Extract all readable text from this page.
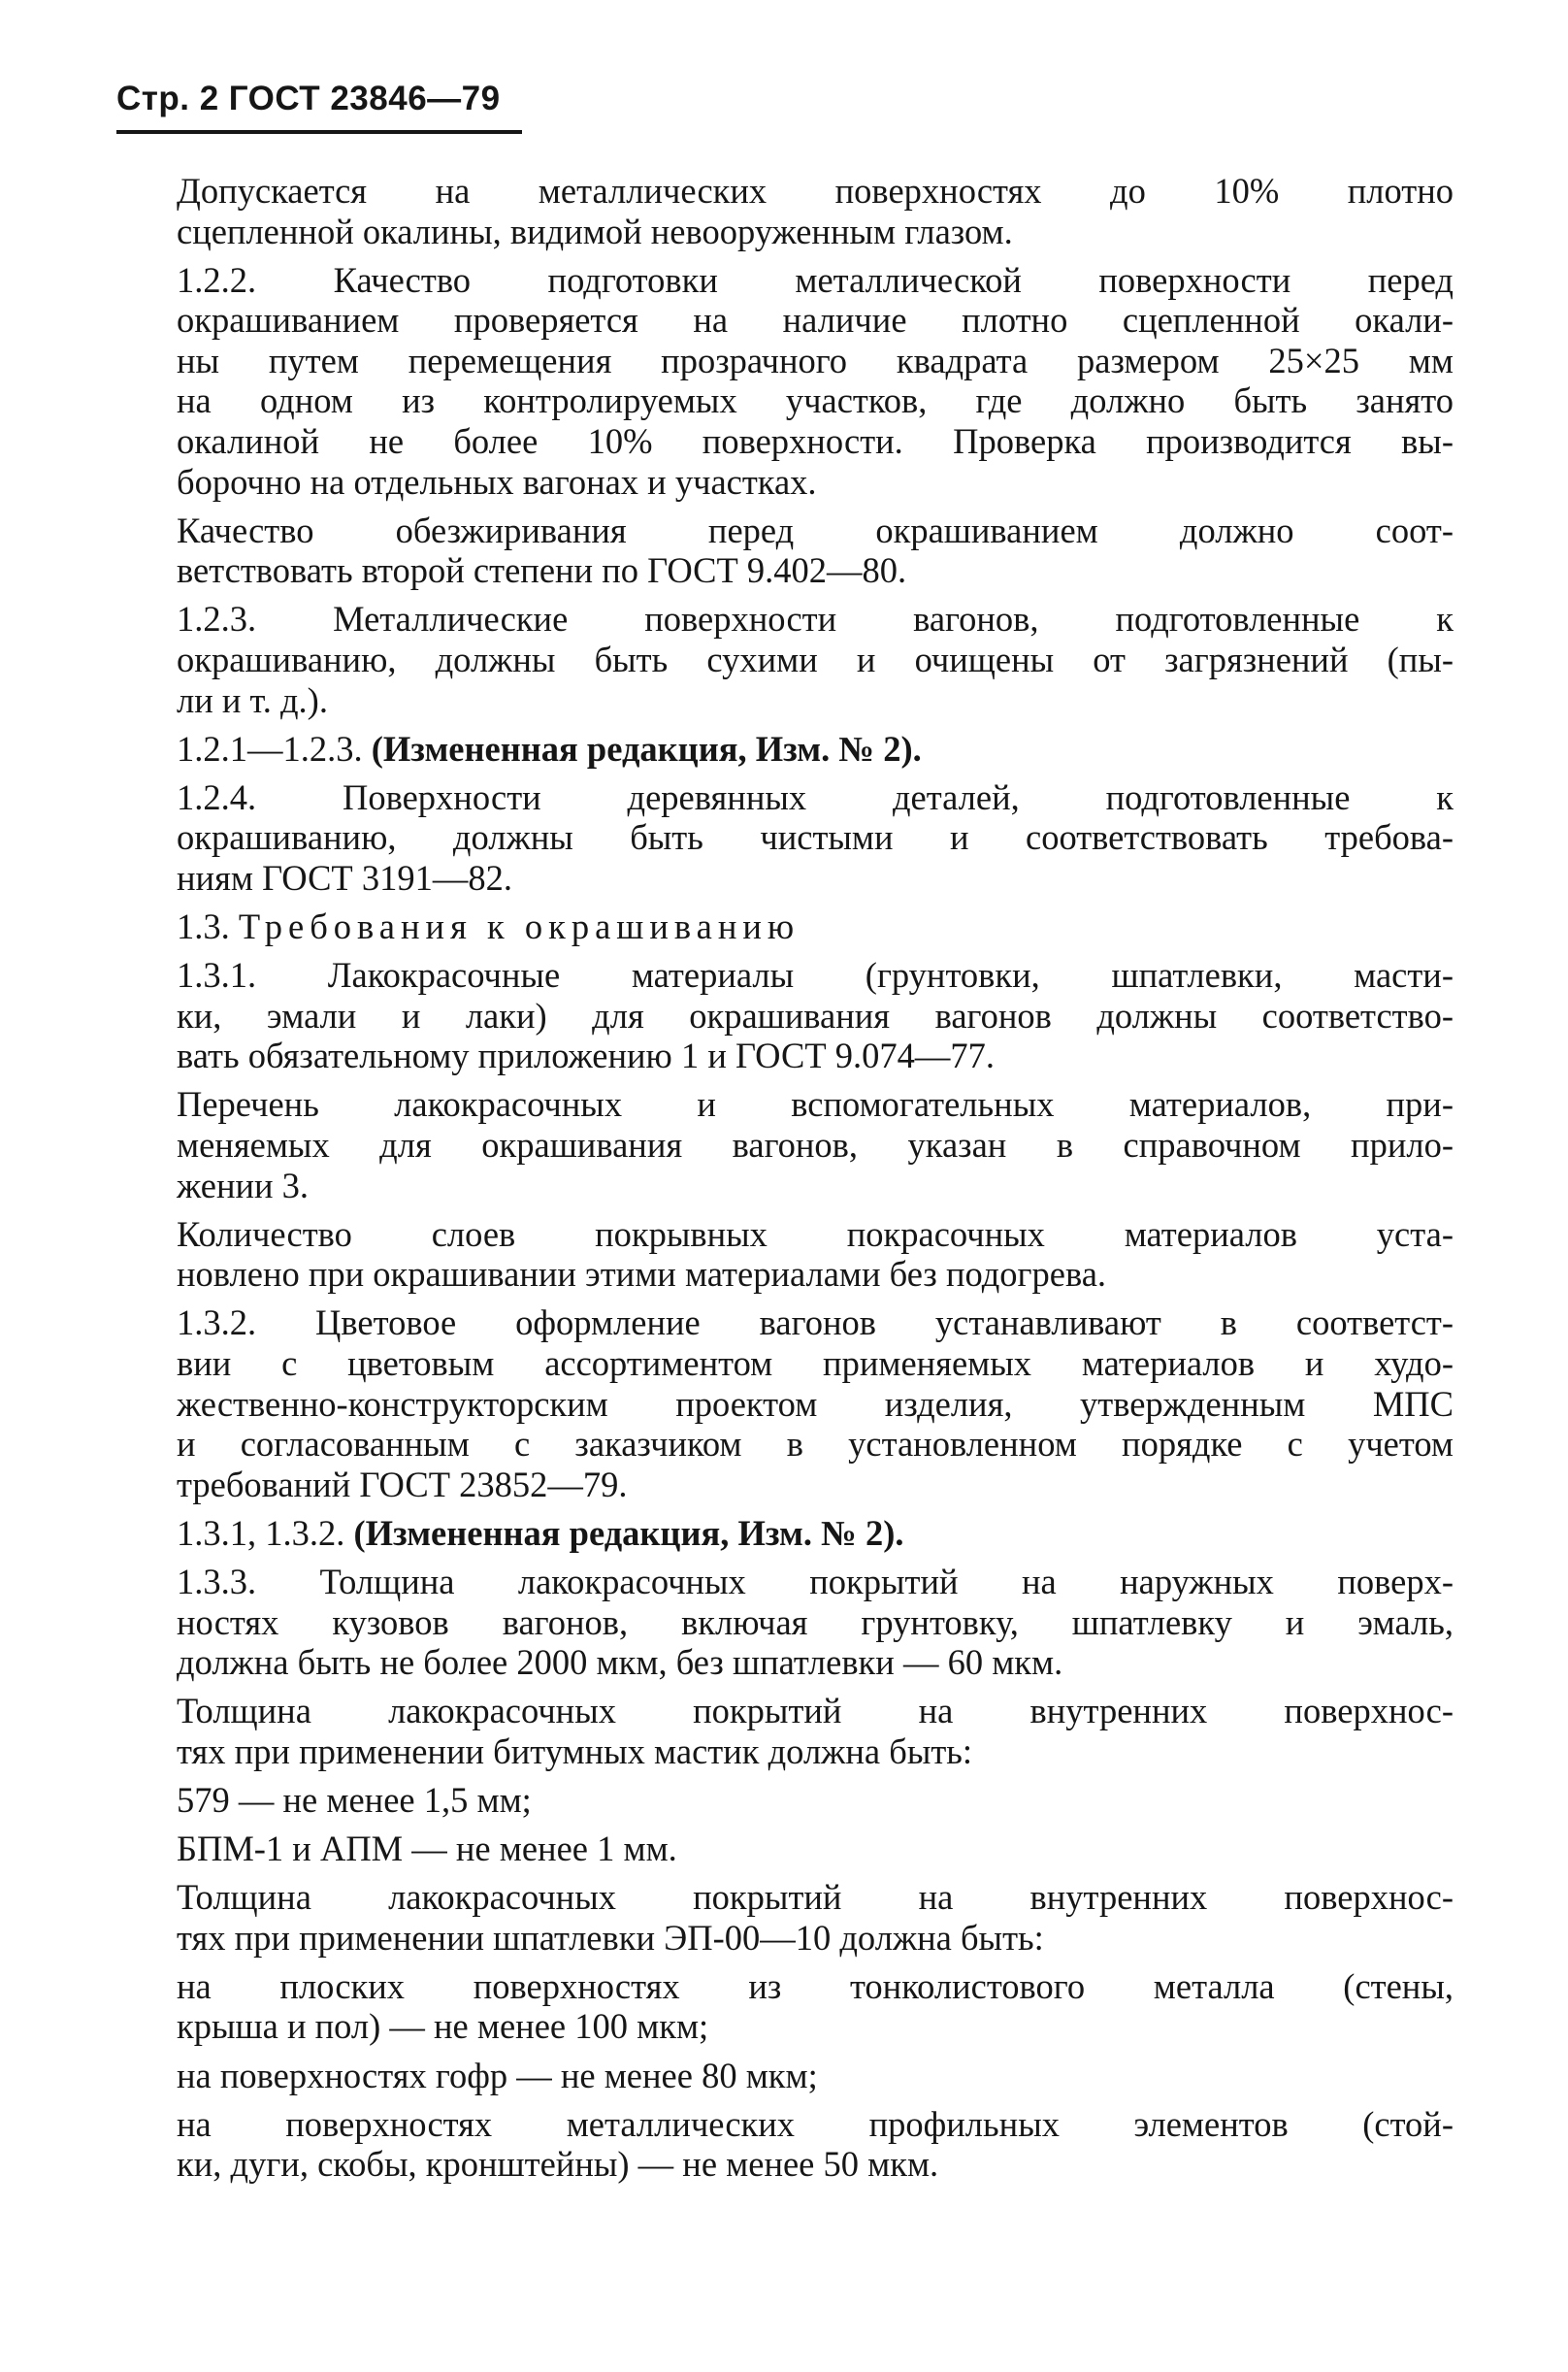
Стр. 2 ГОСТ 23846—79
Допускается на металлических поверхностях до 10% плотно
сцепленной окалины, видимой невооруженным глазом.
1.2.2. Качество подготовки металлической поверхности перед
окрашиванием проверяется на наличие плотно сцепленной окали-
ны путем перемещения прозрачного квадрата размером 25×25 мм
на одном из контролируемых участков, где должно быть занято
окалиной не более 10% поверхности. Проверка производится вы-
борочно на отдельных вагонах и участках.
Качество обезжиривания перед окрашиванием должно соот-
ветствовать второй степени по ГОСТ 9.402—80.
1.2.3. Металлические поверхности вагонов, подготовленные к
окрашиванию, должны быть сухими и очищены от загрязнений (пы-
ли и т. д.).
1.2.1—1.2.3. (Измененная редакция, Изм. № 2).
1.2.4. Поверхности деревянных деталей, подготовленные к
окрашиванию, должны быть чистыми и соответствовать требова-
ниям ГОСТ 3191—82.
1.3. Требования к окрашиванию
1.3.1. Лакокрасочные материалы (грунтовки, шпатлевки, масти-
ки, эмали и лаки) для окрашивания вагонов должны соответство-
вать обязательному приложению 1 и ГОСТ 9.074—77.
Перечень лакокрасочных и вспомогательных материалов, при-
меняемых для окрашивания вагонов, указан в справочном прило-
жении 3.
Количество слоев покрывных покрасочных материалов уста-
новлено при окрашивании этими материалами без подогрева.
1.3.2. Цветовое оформление вагонов устанавливают в соответст-
вии с цветовым ассортиментом применяемых материалов и худо-
жественно-конструкторским проектом изделия, утвержденным МПС
и согласованным с заказчиком в установленном порядке с учетом
требований ГОСТ 23852—79.
1.3.1, 1.3.2. (Измененная редакция, Изм. № 2).
1.3.3. Толщина лакокрасочных покрытий на наружных поверх-
ностях кузовов вагонов, включая грунтовку, шпатлевку и эмаль,
должна быть не более 2000 мкм, без шпатлевки — 60 мкм.
Толщина лакокрасочных покрытий на внутренних поверхнос-
тях при применении битумных мастик должна быть:
579 — не менее 1,5 мм;
БПМ-1 и АПМ — не менее 1 мм.
Толщина лакокрасочных покрытий на внутренних поверхнос-
тях при применении шпатлевки ЭП-00—10 должна быть:
на плоских поверхностях из тонколистового металла (стены,
крыша и пол) — не менее 100 мкм;
на поверхностях гофр — не менее 80 мкм;
на поверхностях металлических профильных элементов (стой-
ки, дуги, скобы, кронштейны) — не менее 50 мкм.
